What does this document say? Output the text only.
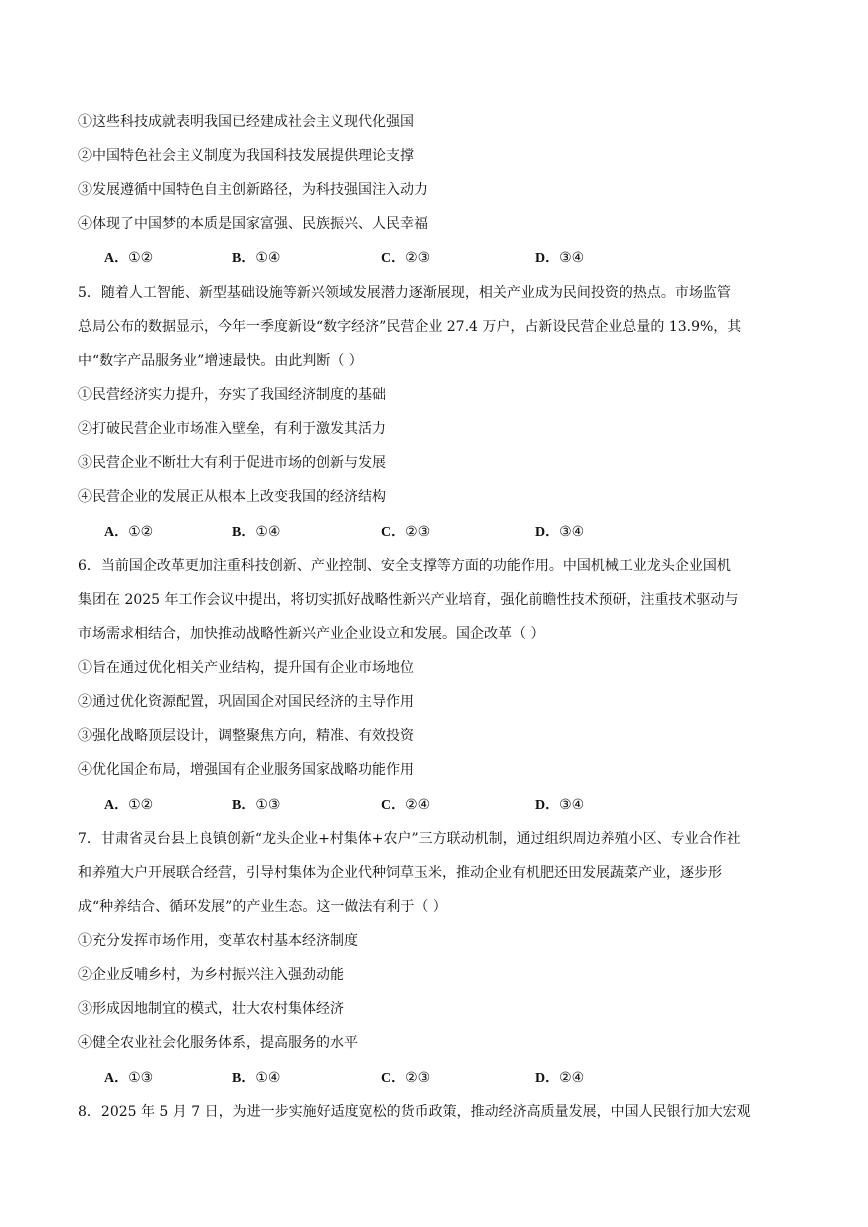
①这些科技成就表明我国已经建成社会主义现代化强国
②中国特色社会主义制度为我国科技发展提供理论支撑
③发展遵循中国特色自主创新路径，为科技强国注入动力
④体现了中国梦的本质是国家富强、民族振兴、人民幸福
A．①②	B．①④	C．②③	D．③④
5．随着人工智能、新型基础设施等新兴领域发展潜力逐渐展现，相关产业成为民间投资的热点。市场监管
总局公布的数据显示，今年一季度新设“数字经济”民营企业 27.4 万户，占新设民营企业总量的 13.9%，其
中“数字产品服务业”增速最快。由此判断（ ）
①民营经济实力提升，夯实了我国经济制度的基础
②打破民营企业市场准入壁垒，有利于激发其活力
③民营企业不断壮大有利于促进市场的创新与发展
④民营企业的发展正从根本上改变我国的经济结构
A．①②	B．①④	C．②③	D．③④
6．当前国企改革更加注重科技创新、产业控制、安全支撑等方面的功能作用。中国机械工业龙头企业国机
集团在 2025 年工作会议中提出，将切实抓好战略性新兴产业培育，强化前瞻性技术预研，注重技术驱动与
市场需求相结合，加快推动战略性新兴产业企业设立和发展。国企改革（ ）
①旨在通过优化相关产业结构，提升国有企业市场地位
②通过优化资源配置，巩固国企对国民经济的主导作用
③强化战略顶层设计，调整聚焦方向，精准、有效投资
④优化国企布局，增强国有企业服务国家战略功能作用
A．①②	B．①③	C．②④	D．③④
7．甘肃省灵台县上良镇创新“龙头企业+村集体+农户”三方联动机制，通过组织周边养殖小区、专业合作社
和养殖大户开展联合经营，引导村集体为企业代种饲草玉米，推动企业有机肥还田发展蔬菜产业，逐步形
成“种养结合、循环发展”的产业生态。这一做法有利于（ ）
①充分发挥市场作用，变革农村基本经济制度
②企业反哺乡村，为乡村振兴注入强劲动能
③形成因地制宜的模式，壮大农村集体经济
④健全农业社会化服务体系，提高服务的水平
A．①③	B．①④	C．②③	D．②④
8．2025 年 5 月 7 日，为进一步实施好适度宽松的货币政策，推动经济高质量发展，中国人民银行加大宏观
